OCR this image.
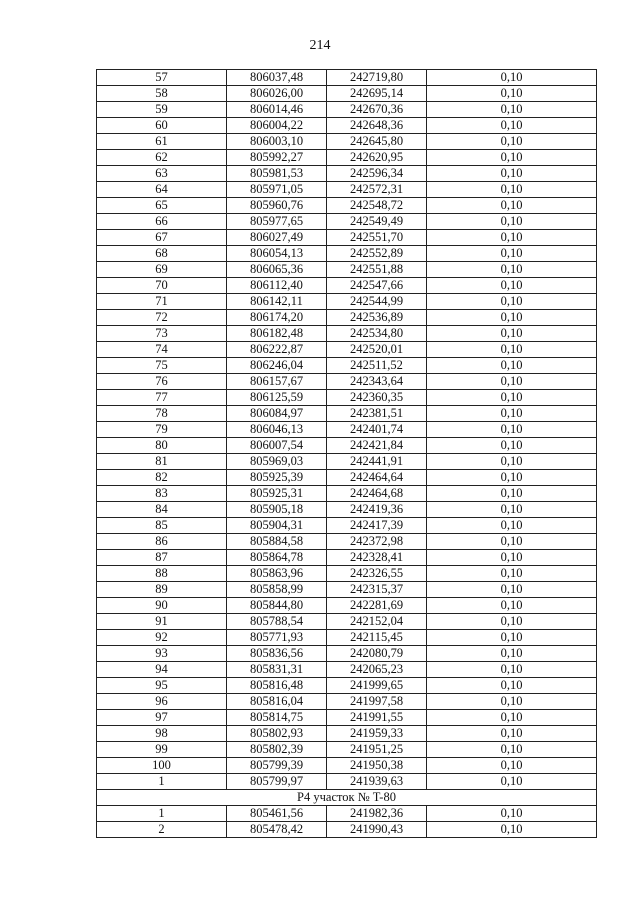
214
57	806037,48	242719,80	0,10
58	806026,00	242695,14	0,10
59	806014,46	242670,36	0,10
60	806004,22	242648,36	0,10
61	806003,10	242645,80	0,10
62	805992,27	242620,95	0,10
63	805981,53	242596,34	0,10
64	805971,05	242572,31	0,10
65	805960,76	242548,72	0,10
66	805977,65	242549,49	0,10
67	806027,49	242551,70	0,10
68	806054,13	242552,89	0,10
69	806065,36	242551,88	0,10
70	806112,40	242547,66	0,10
71	806142,11	242544,99	0,10
72	806174,20	242536,89	0,10
73	806182,48	242534,80	0,10
74	806222,87	242520,01	0,10
75	806246,04	242511,52	0,10
76	806157,67	242343,64	0,10
77	806125,59	242360,35	0,10
78	806084,97	242381,51	0,10
79	806046,13	242401,74	0,10
80	806007,54	242421,84	0,10
81	805969,03	242441,91	0,10
82	805925,39	242464,64	0,10
83	805925,31	242464,68	0,10
84	805905,18	242419,36	0,10
85	805904,31	242417,39	0,10
86	805884,58	242372,98	0,10
87	805864,78	242328,41	0,10
88	805863,96	242326,55	0,10
89	805858,99	242315,37	0,10
90	805844,80	242281,69	0,10
91	805788,54	242152,04	0,10
92	805771,93	242115,45	0,10
93	805836,56	242080,79	0,10
94	805831,31	242065,23	0,10
95	805816,48	241999,65	0,10
96	805816,04	241997,58	0,10
97	805814,75	241991,55	0,10
98	805802,93	241959,33	0,10
99	805802,39	241951,25	0,10
100	805799,39	241950,38	0,10
1	805799,97	241939,63	0,10
P4 участок № T-80			
1	805461,56	241982,36	0,10
2	805478,42	241990,43	0,10
